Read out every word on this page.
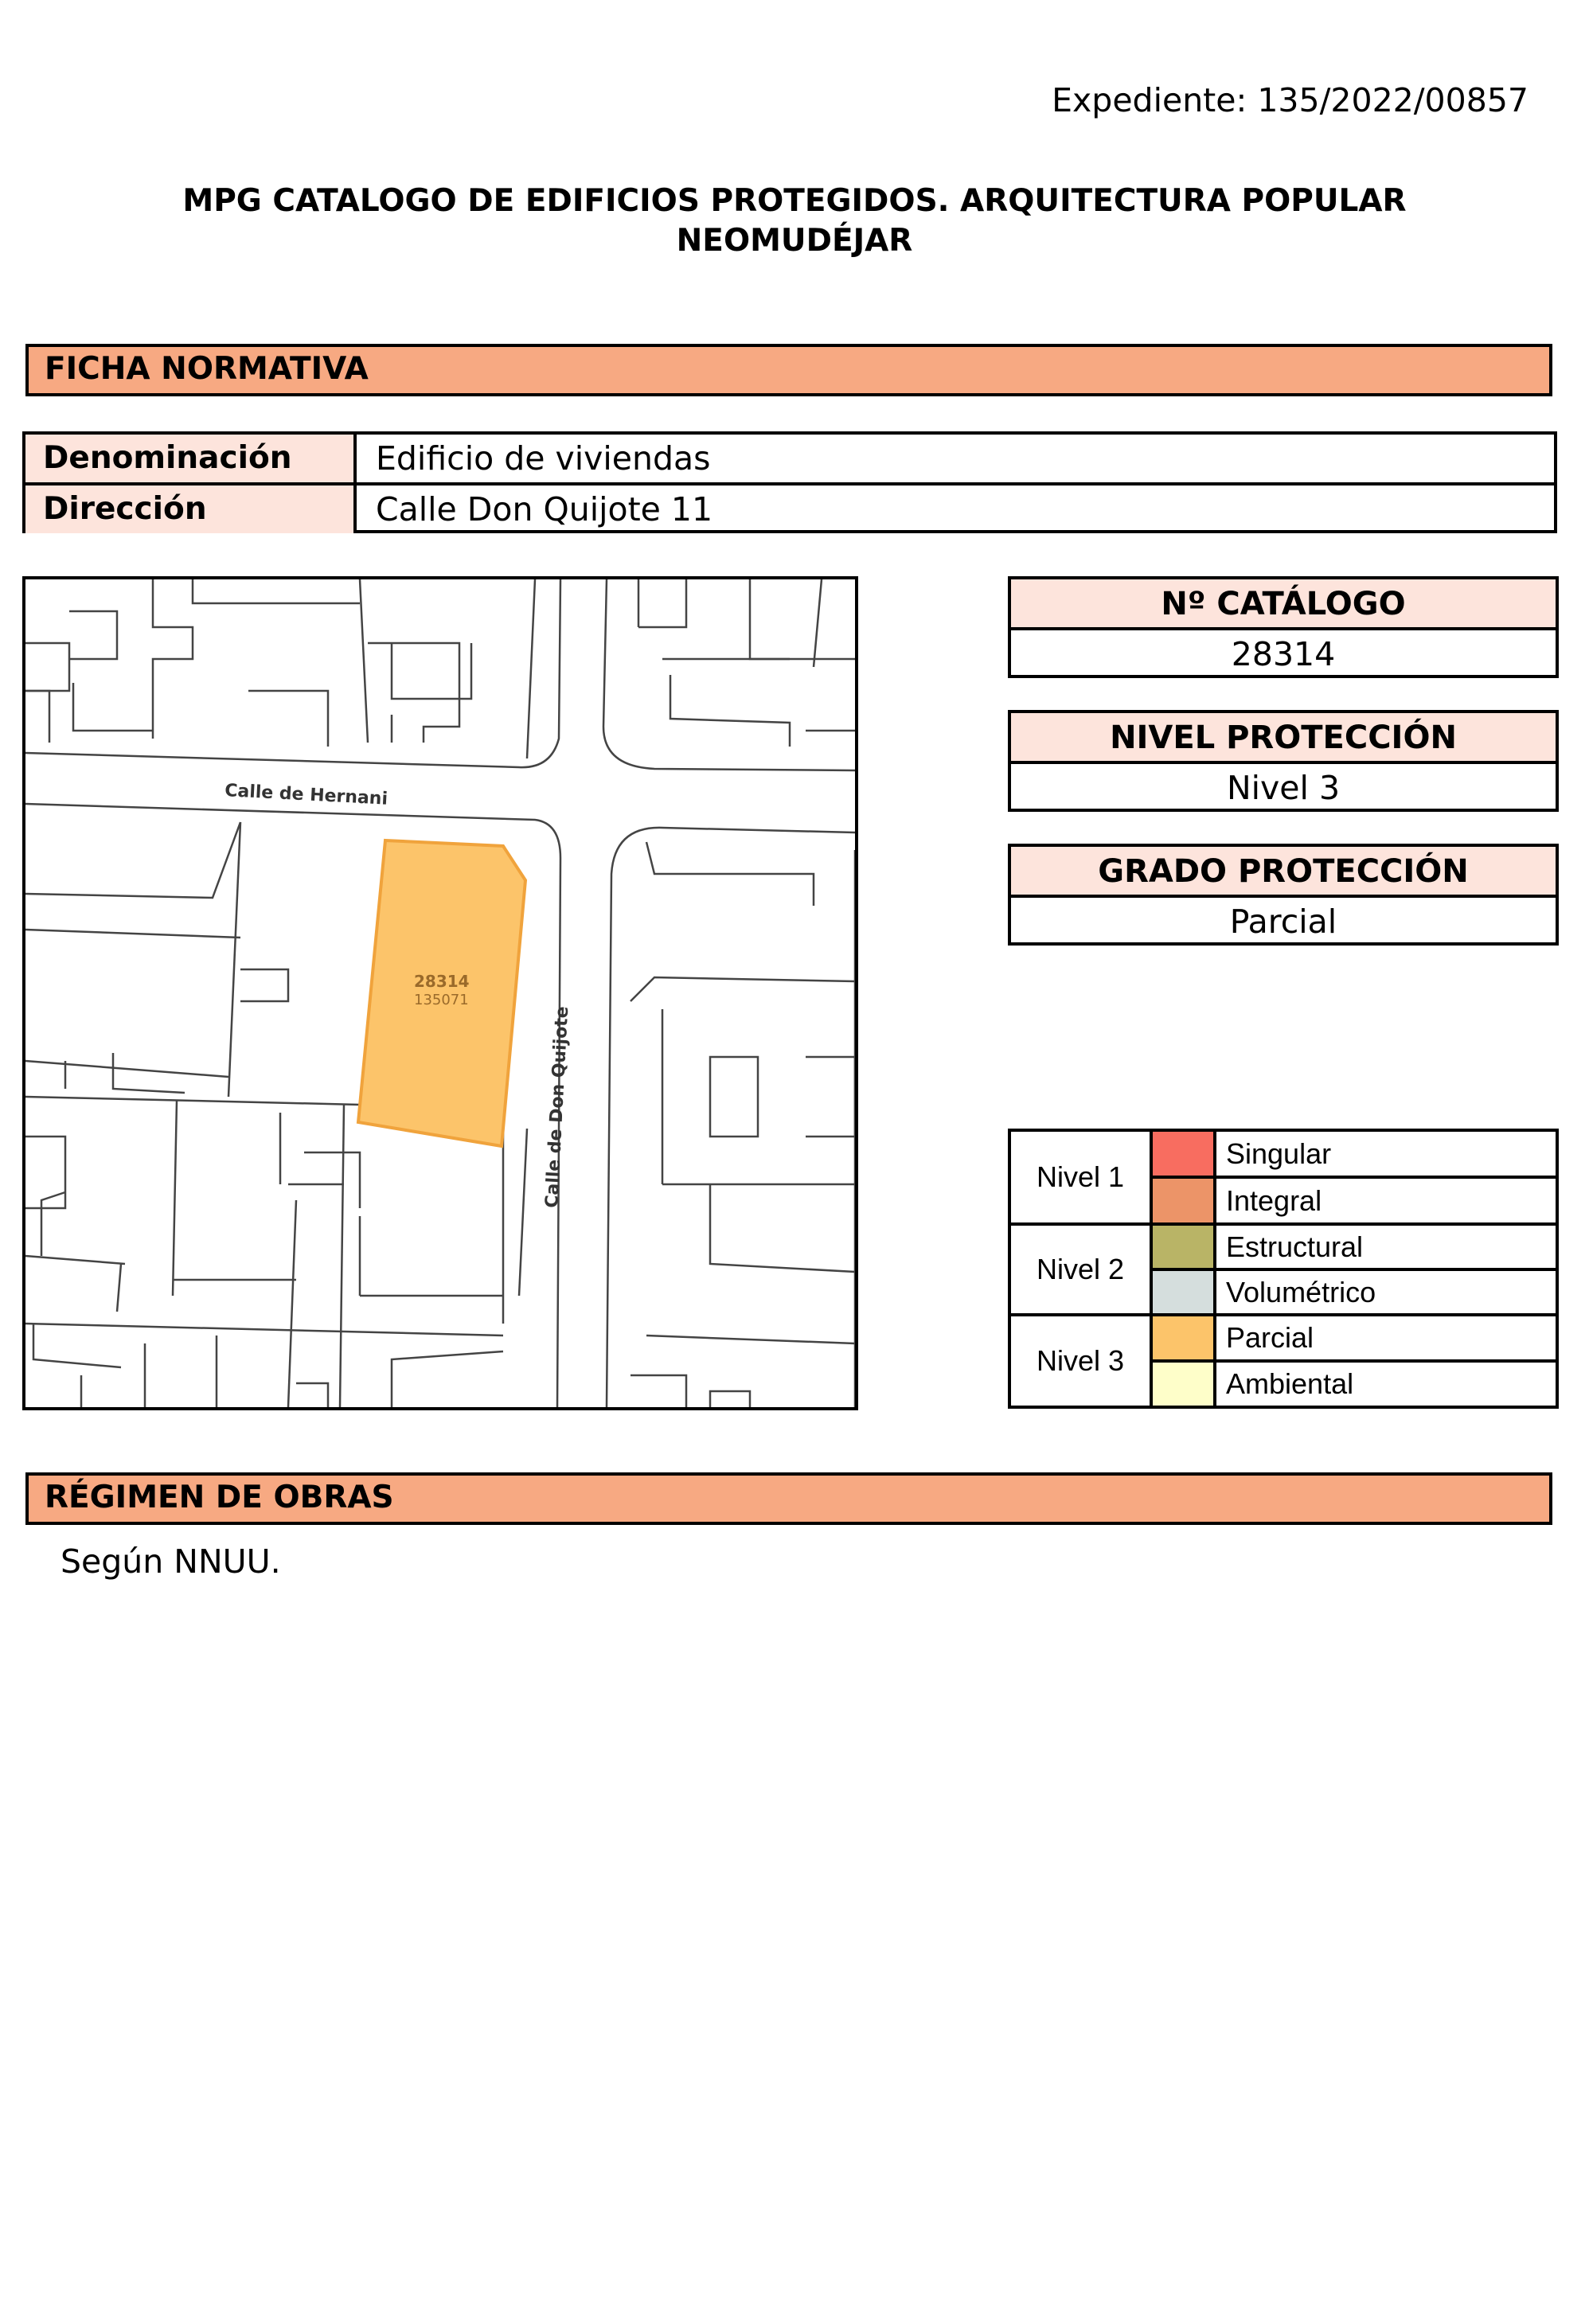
Expediente: 135/2022/00857
MPG CATALOGO DE EDIFICIOS PROTEGIDOS. ARQUITECTURA POPULAR
NEOMUDÉJAR
FICHA NORMATIVA
Denominación	Edificio de viviendas
Dirección	Calle Don Quijote 11
28314
135071
Calle de Hernani
Calle de Don Quijote
Nº CATÁLOGO
28314
NIVEL PROTECCIÓN
Nivel 3
GRADO PROTECCIÓN
Parcial
Nivel 1
Nivel 2
Nivel 3
Singular
Integral
Estructural
Volumétrico
Parcial
Ambiental
RÉGIMEN DE OBRAS
Según NNUU.
